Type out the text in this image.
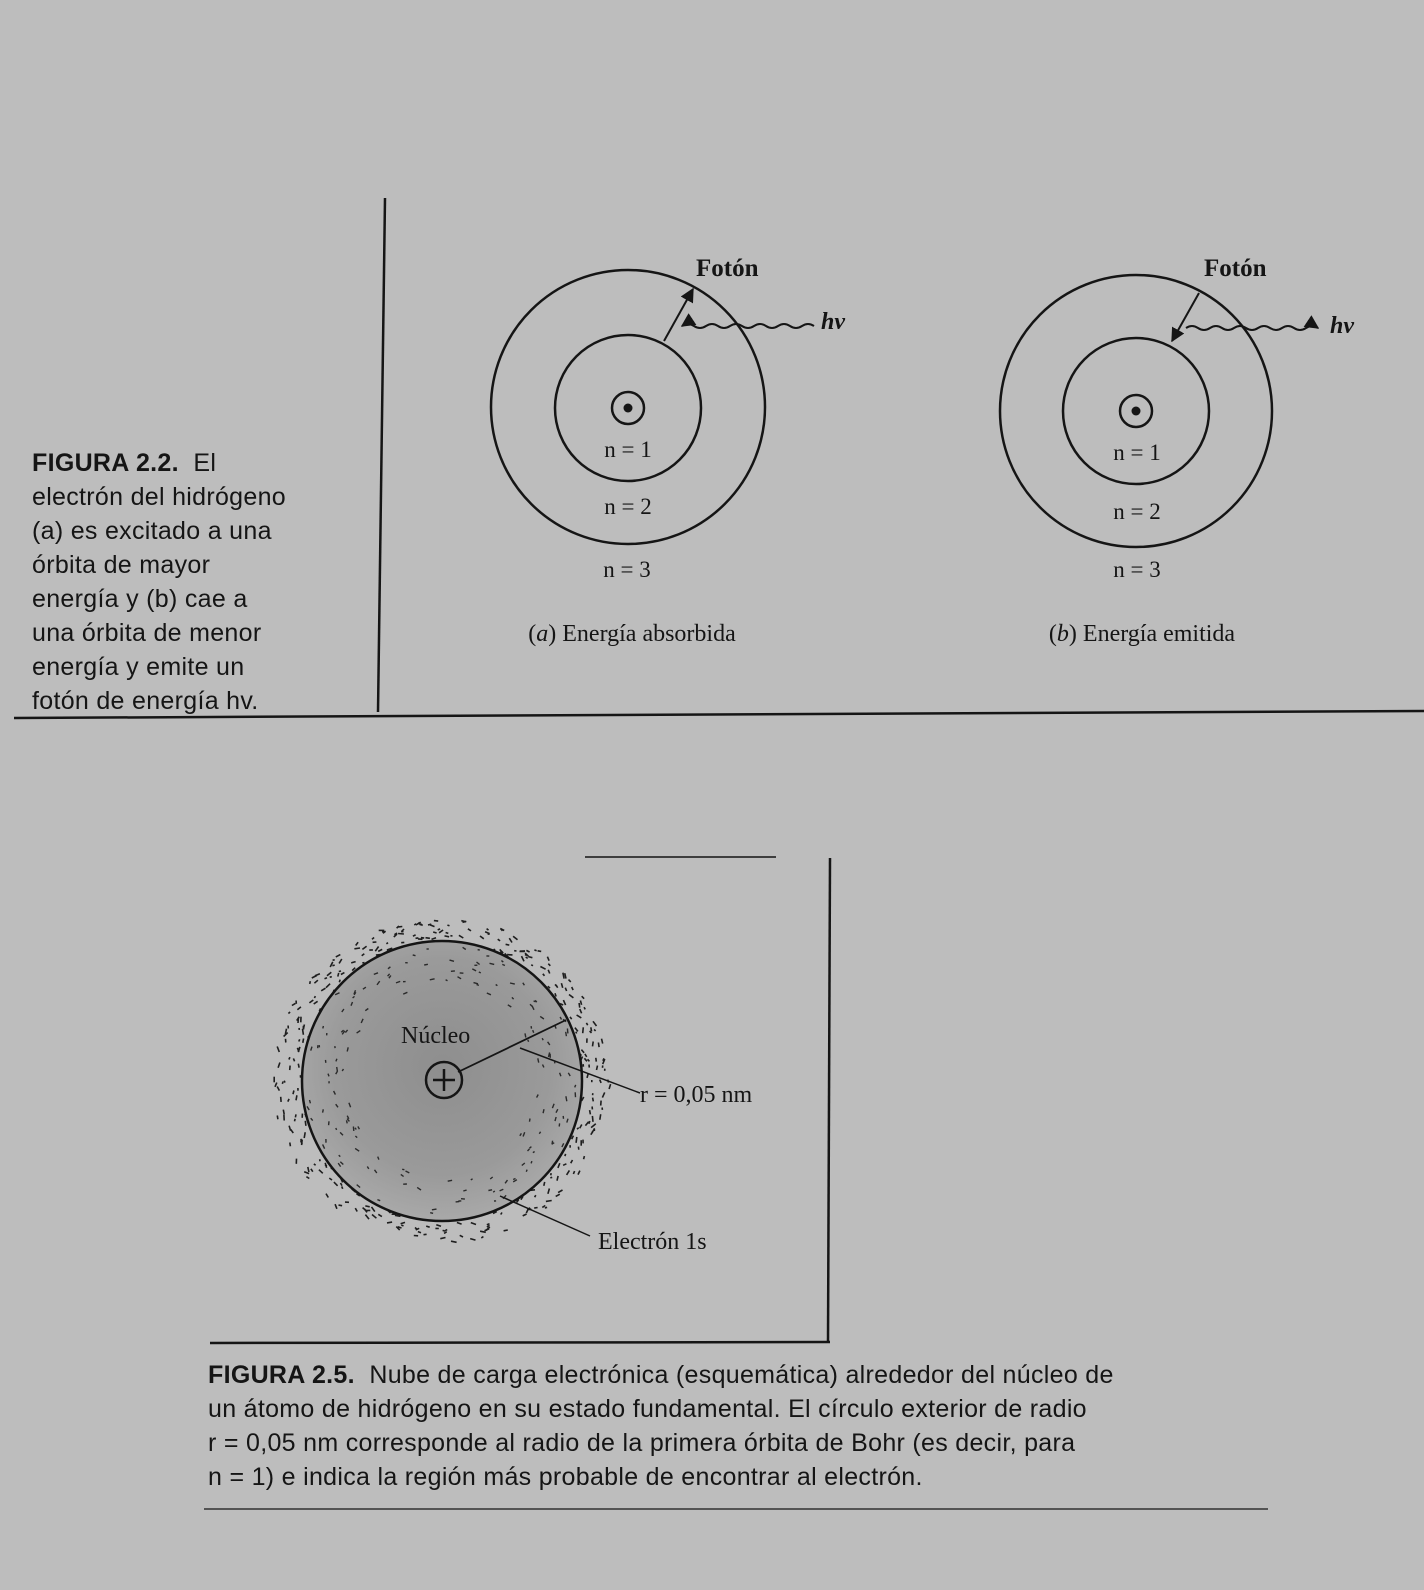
Fotón
hv
n = 1
n = 2
n = 3
(a) Energía absorbida
Fotón
hv
n = 1
n = 2
n = 3
(b) Energía emitida
Núcleo
r = 0,05 nm
Electrón 1s
FIGURA 2.2. El
electrón del hidrógeno
(a) es excitado a una
órbita de mayor
energía y (b) cae a
una órbita de menor
energía y emite un
fotón de energía hv.
FIGURA 2.5. Nube de carga electrónica (esquemática) alrededor del núcleo de
un átomo de hidrógeno en su estado fundamental. El círculo exterior de radio
r = 0,05 nm corresponde al radio de la primera órbita de Bohr (es decir, para
n = 1) e indica la región más probable de encontrar al electrón.
